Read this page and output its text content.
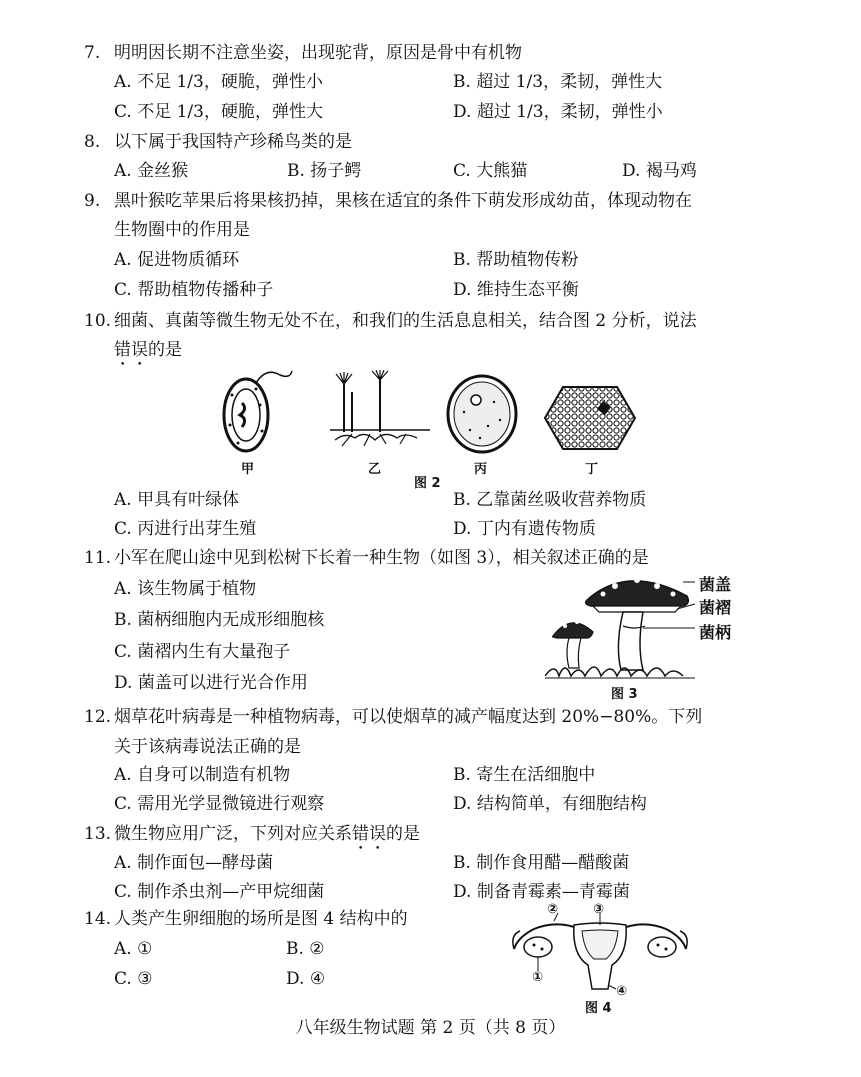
7. 明明因长期不注意坐姿，出现驼背，原因是骨中有机物
A. 不足 1/3，硬脆，弹性小	B. 超过 1/3，柔韧，弹性大
C. 不足 1/3，硬脆，弹性大	D. 超过 1/3，柔韧，弹性小
8. 以下属于我国特产珍稀鸟类的是
A. 金丝猴	B. 扬子鳄	C. 大熊猫	D. 褐马鸡
9. 黑叶猴吃苹果后将果核扔掉，果核在适宜的条件下萌发形成幼苗，体现动物在
生物圈中的作用是
A. 促进物质循环	B. 帮助植物传粉
C. 帮助植物传播种子	D. 维持生态平衡
10. 细菌、真菌等微生物无处不在，和我们的生活息息相关，结合图 2 分析，说法
错误的是
甲	乙	丙	丁
图 2
A. 甲具有叶绿体	B. 乙靠菌丝吸收营养物质
C. 丙进行出芽生殖	D. 丁内有遗传物质
11. 小军在爬山途中见到松树下长着一种生物（如图 3），相关叙述正确的是
A. 该生物属于植物
B. 菌柄细胞内无成形细胞核
C. 菌褶内生有大量孢子
D. 菌盖可以进行光合作用
菌盖
菌褶
菌柄
图 3
12. 烟草花叶病毒是一种植物病毒，可以使烟草的减产幅度达到 20%−80%。下列
关于该病毒说法正确的是
A. 自身可以制造有机物	B. 寄生在活细胞中
C. 需用光学显微镜进行观察	D. 结构简单，有细胞结构
13. 微生物应用广泛，下列对应关系错误的是
A. 制作面包—酵母菌	B. 制作食用醋—醋酸菌
C. 制作杀虫剂—产甲烷细菌	D. 制备青霉素—青霉菌
14. 人类产生卵细胞的场所是图 4 结构中的
A. ①	B. ②
C. ③	D. ④
②	③
①
④
图 4
八年级生物试题 第 2 页（共 8 页）
